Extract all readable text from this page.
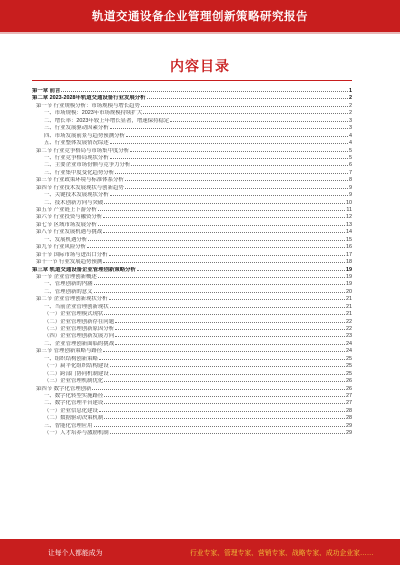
轨道交通设备企业管理创新策略研究报告
内容目录
第一章 前言	1
第二章 2023-2028年轨道交通设备行业发展分析	2
第一节 行业规模分析：市场规模与增长趋势	2
一、市场规模：2023年市场规模持续扩大	2
二、增长率：2023年较上年增长显著，增速保持稳定	3
三、行业发展驱动因素分析	3
四、市场发展前景与趋势预测分析	4
五、行业整体发展情况综述	4
第二节 行业竞争格局与市场集中度分析	5
一、行业竞争格局现状分析	5
二、主要企业市场份额与竞争力分析	6
三、行业集中度变化趋势分析	7
第三节 行业政策环境与标准体系分析	8
第四节 行业技术发展现状与创新趋势	9
一、关键技术发展现状分析	9
二、技术创新方向与突破	10
第五节 产业链上下游分析	11
第六节 行业投资与融资分析	12
第七节 区域市场发展分析	13
第八节 行业发展机遇与挑战	14
一、发展机遇分析	15
第九节 行业风险分析	16
第十节 国际市场与进出口分析	17
第十一节 行业发展趋势预测	18
第三章 轨道交通设备企业管理创新策略分析	19
第一节 企业管理创新概述	19
一、管理创新的内涵	19
二、管理创新的意义	20
第二节 企业管理创新现状分析	21
一、当前企业管理创新现状	21
（一）企业管理模式现状	21
（二）企业管理创新存在问题	22
（三）企业管理创新原因分析	22
（四）企业管理创新发展方向	23
二、企业管理创新面临的挑战	24
第三节 管理创新策略与路径	24
一、组织结构创新策略	25
（一）扁平化组织结构建设	25
（二）跨部门协同机制建设	25
（三）企业管理机制优化	26
第四节 数字化管理创新	26
一、数字化转型实施路径	27
二、数字化管理平台建设	27
（一）企业信息化建设	28
（二）数据驱动决策机制	28
三、智能化管理应用	29
（一）人才培养与激励机制	29
让每个人都能成为	行业专家、管理专家、营销专家、战略专家、成功企业家……
